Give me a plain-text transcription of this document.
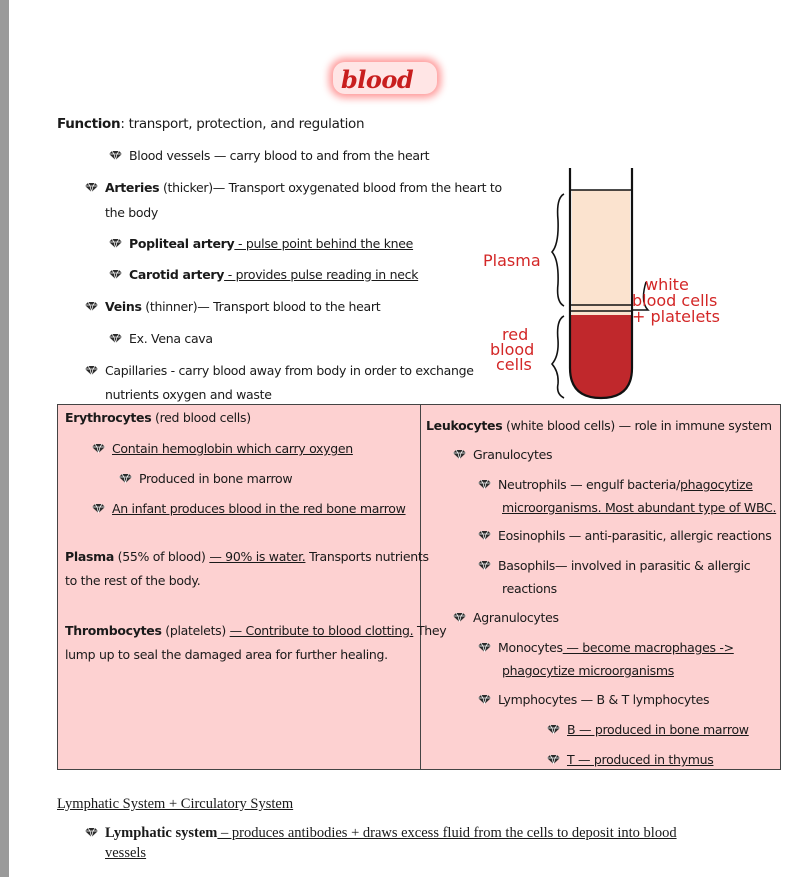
blood
Function: transport, protection, and regulation
Blood vessels — carry blood to and from the heart
Arteries (thicker)— Transport oxygenated blood from the heart to
the body
Popliteal artery - pulse point behind the knee
Carotid artery - provides pulse reading in neck
Veins (thinner)— Transport blood to the heart
Ex. Vena cava
Capillaries - carry blood away from body in order to exchange
nutrients oxygen and waste
Plasma
white
blood cells
+ platelets
red
blood
cells
Erythrocytes (red blood cells)
Contain hemoglobin which carry oxygen
Produced in bone marrow
An infant produces blood in the red bone marrow
Plasma (55% of blood) — 90% is water. Transports nutrients
to the rest of the body.
Thrombocytes (platelets) — Contribute to blood clotting. They
lump up to seal the damaged area for further healing.
Leukocytes (white blood cells) — role in immune system
Granulocytes
Neutrophils — engulf bacteria/phagocytize
microorganisms. Most abundant type of WBC.
Eosinophils — anti-parasitic, allergic reactions
Basophils— involved in parasitic & allergic
reactions
Agranulocytes
Monocytes — become macrophages ->
phagocytize microorganisms
Lymphocytes — B & T lymphocytes
B — produced in bone marrow
T — produced in thymus
Lymphatic System + Circulatory System
Lymphatic system – produces antibodies + draws excess fluid from the cells to deposit into blood
vessels
